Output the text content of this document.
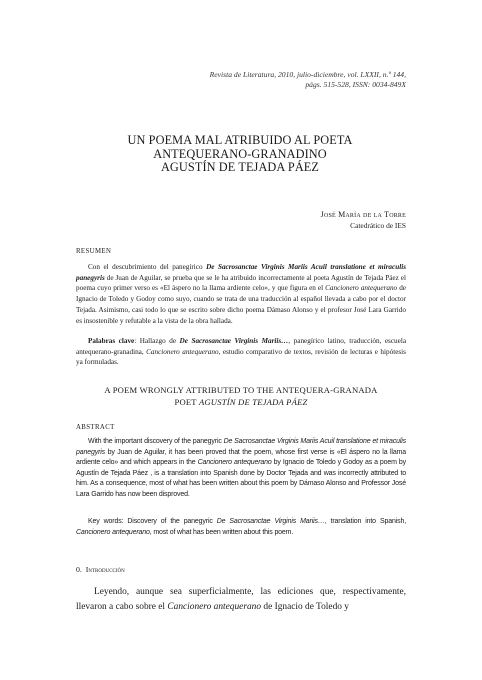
Revista de Literatura, 2010, julio-diciembre, vol. LXXII, n.º 144,
págs. 515-528, ISSN: 0034-849X
UN POEMA MAL ATRIBUIDO AL POETA
ANTEQUERANO-GRANADINO
AGUSTÍN DE TEJADA PÁEZ
José María de la Torre
Catedrático de IES
RESUMEN
Con el descubrimiento del panegírico De Sacrosanctae Virginis Mariis Acuil translatione et miraculis panegyris de Juan de Aguilar, se prueba que se le ha atribuido incorrectamente al poeta Agustín de Tejada Páez el poema cuyo primer verso es «El áspero no la llama ardiente celo», y que figura en el Cancionero antequerano de Ignacio de Toledo y Godoy como suyo, cuando se trata de una traducción al español llevada a cabo por el doctor Tejada. Asimismo, casi todo lo que se escrito sobre dicho poema Dámaso Alonso y el profesor José Lara Garrido es insostenible y refutable a la vista de la obra hallada.
Palabras clave: Hallazgo de De Sacrosanctae Virginis Mariis…, panegírico latino, traducción, escuela antequerano-granadina, Cancionero antequerano, estudio comparativo de textos, revisión de lecturas e hipótesis ya formuladas.
A POEM WRONGLY ATTRIBUTED TO THE ANTEQUERA-GRANADA
POET AGUSTÍN DE TEJADA PÁEZ
ABSTRACT
With the important discovery of the panegyric De Sacrosanctae Virginis Mariis Acuil translatione et miraculis panegyris by Juan de Aguilar, it has been proved that the poem, whose first verse is «El áspero no la llama ardiente celo» and which appears in the Cancionero antequerano by Ignacio de Toledo y Godoy as a poem by Agustín de Tejada Páez , is a translation into Spanish done by Doctor Tejada and was incorrectly attributed to him. As a consequence, most of what has been written about this poem by Dámaso Alonso and Professor José Lara Garrido has now been disproved.
Key words: Discovery of the panegyric De Sacrosanctae Virginis Mariis…, translation into Spanish, Cancionero antequerano, most of what has been written about this poem.
0. Introducción
Leyendo, aunque sea superficialmente, las ediciones que, respectivamente, llevaron a cabo sobre el Cancionero antequerano de Ignacio de Toledo y
